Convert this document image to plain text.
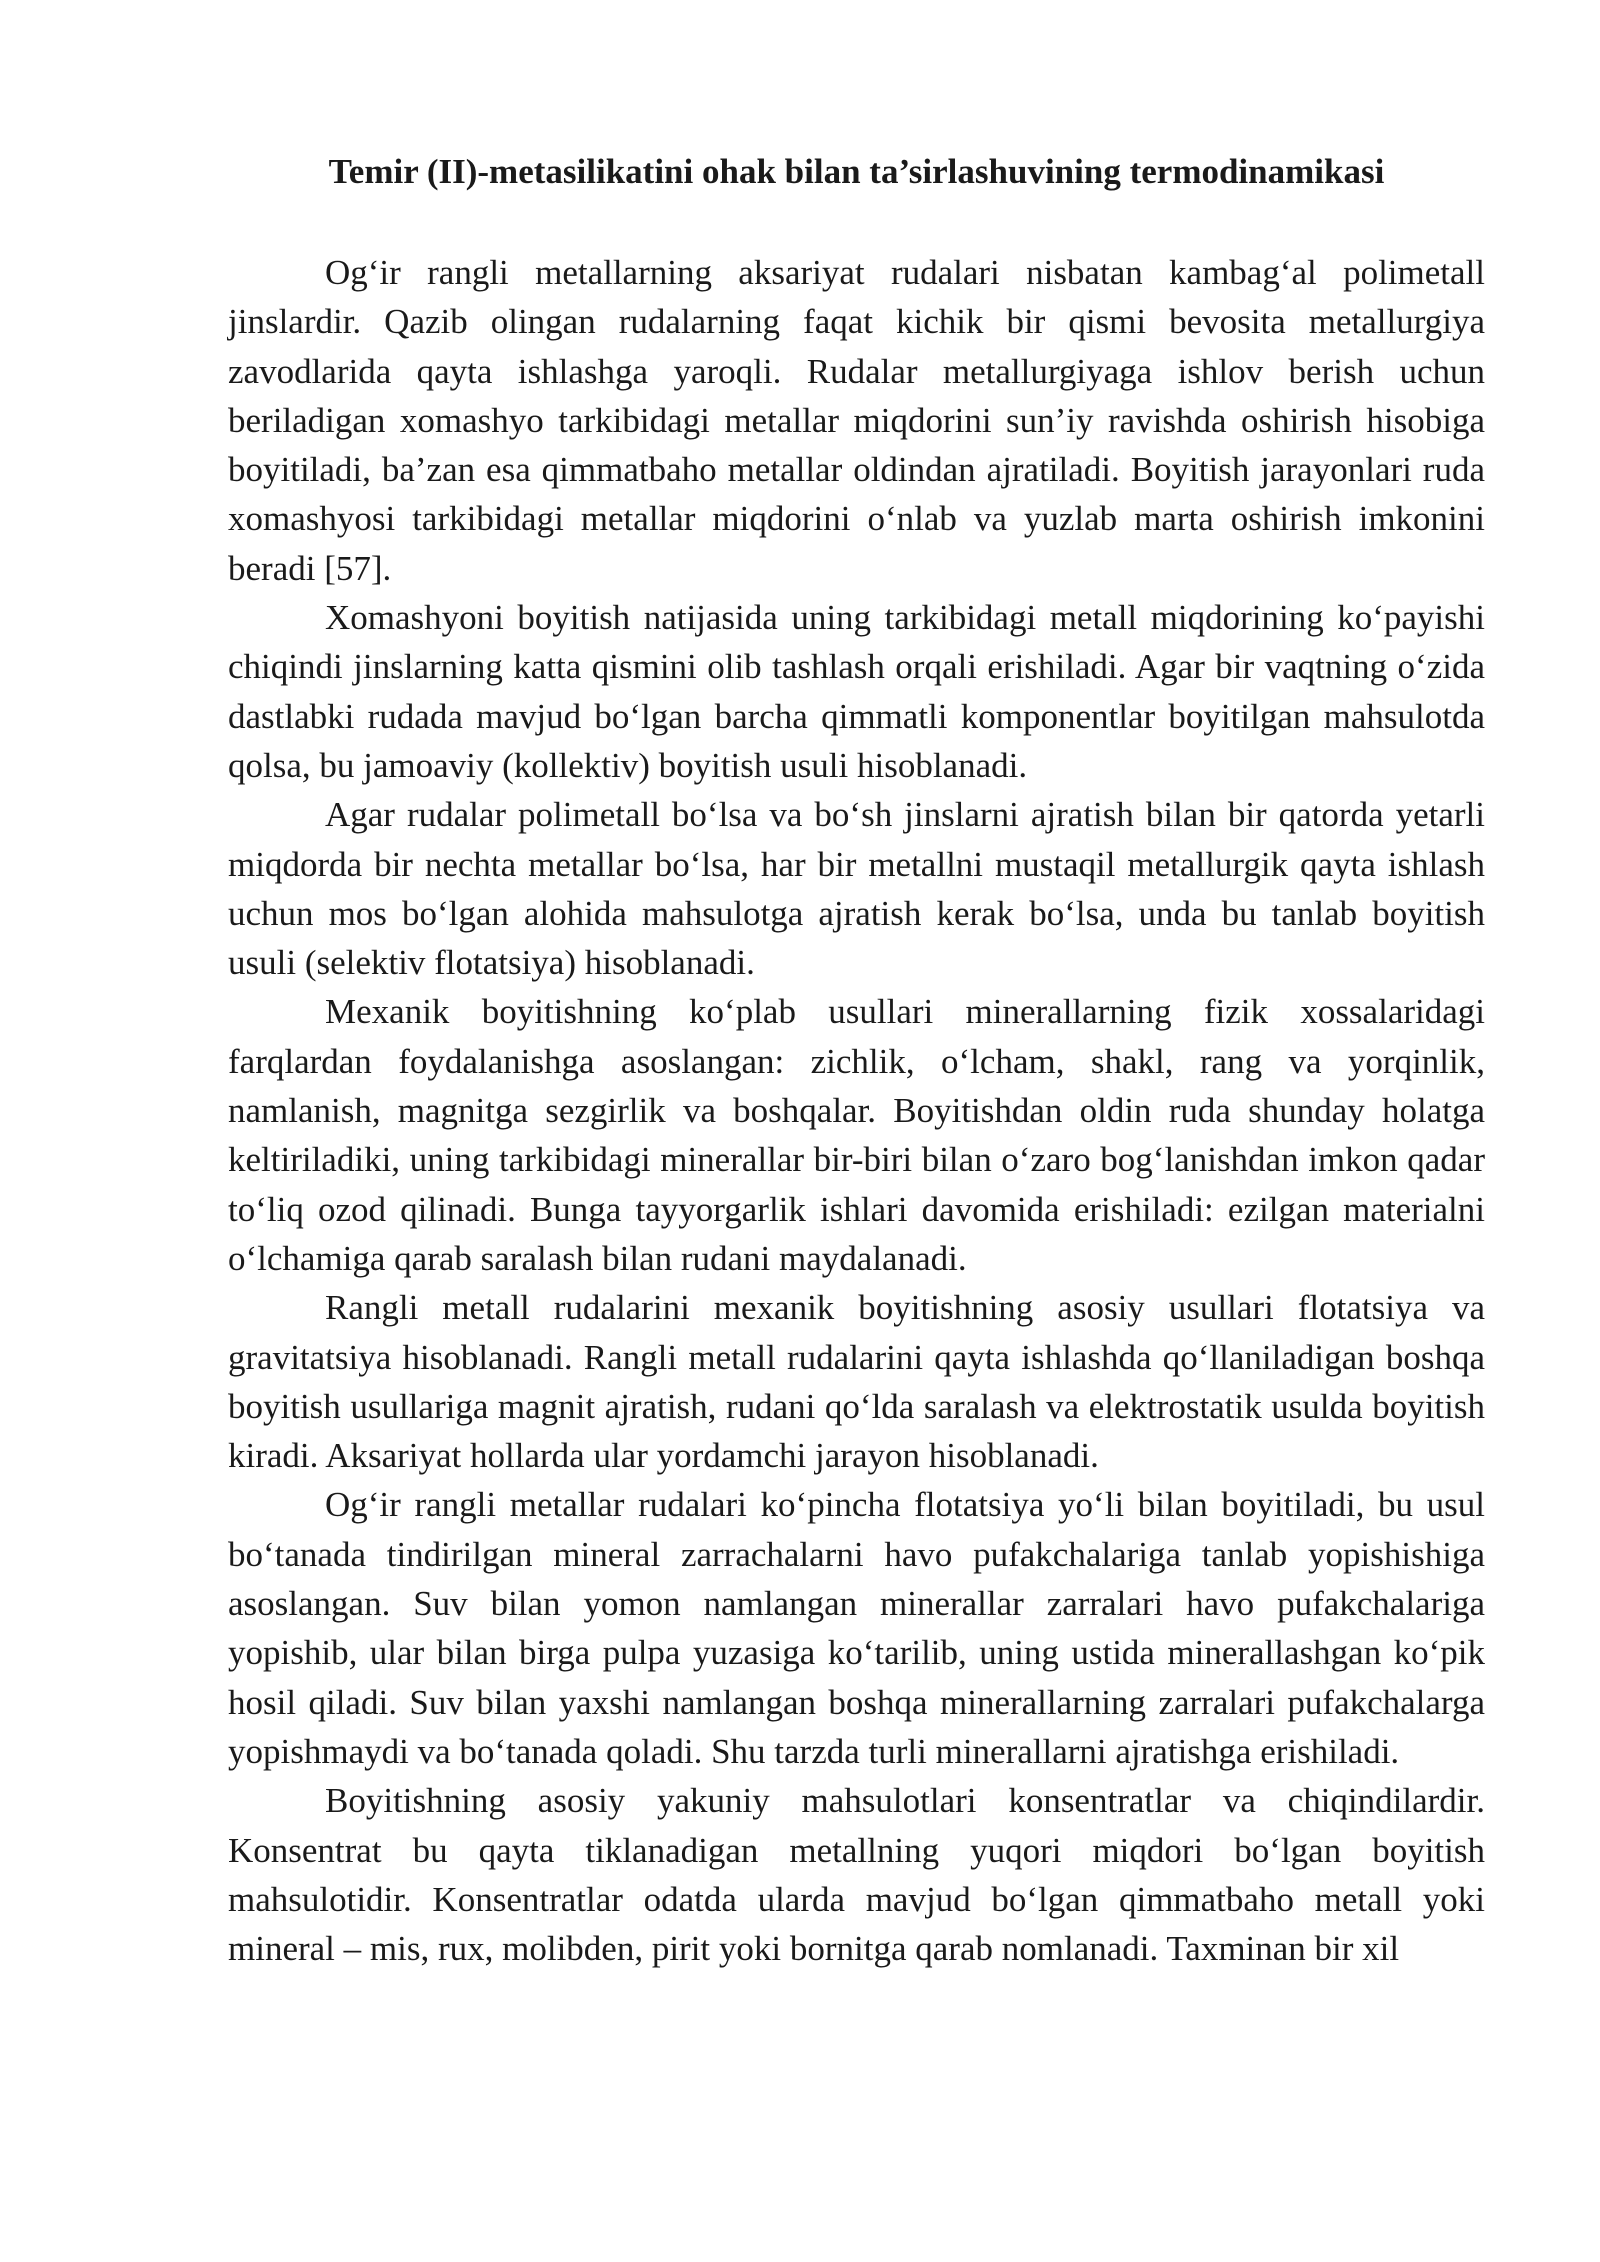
Temir (II)-metasilikatini ohak bilan ta’sirlashuvining termodinamikasi

Og‘ir rangli metallarning aksariyat rudalari nisbatan kambag‘al polimetall jinslardir. Qazib olingan rudalarning faqat kichik bir qismi bevosita metallurgiya zavodlarida qayta ishlashga yaroqli. Rudalar metallurgiyaga ishlov berish uchun beriladigan xomashyo tarkibidagi metallar miqdorini sun’iy ravishda oshirish hisobiga boyitiladi, ba’zan esa qimmatbaho metallar oldindan ajratiladi. Boyitish jarayonlari ruda xomashyosi tarkibidagi metallar miqdorini o‘nlab va yuzlab marta oshirish imkonini beradi [57].

Xomashyoni boyitish natijasida uning tarkibidagi metall miqdorining ko‘payishi chiqindi jinslarning katta qismini olib tashlash orqali erishiladi. Agar bir vaqtning o‘zida dastlabki rudada mavjud bo‘lgan barcha qimmatli komponentlar boyitilgan mahsulotda qolsa, bu jamoaviy (kollektiv) boyitish usuli hisoblanadi.

Agar rudalar polimetall bo‘lsa va bo‘sh jinslarni ajratish bilan bir qatorda yetarli miqdorda bir nechta metallar bo‘lsa, har bir metallni mustaqil metallurgik qayta ishlash uchun mos bo‘lgan alohida mahsulotga ajratish kerak bo‘lsa, unda bu tanlab boyitish usuli (selektiv flotatsiya) hisoblanadi.

Mexanik boyitishning ko‘plab usullari minerallarning fizik xossalaridagi farqlardan foydalanishga asoslangan: zichlik, o‘lcham, shakl, rang va yorqinlik, namlanish, magnitga sezgirlik va boshqalar. Boyitishdan oldin ruda shunday holatga keltiriladiki, uning tarkibidagi minerallar bir-biri bilan o‘zaro bog‘lanishdan imkon qadar to‘liq ozod qilinadi. Bunga tayyorgarlik ishlari davomida erishiladi: ezilgan materialni o‘lchamiga qarab saralash bilan rudani maydalanadi.

Rangli metall rudalarini mexanik boyitishning asosiy usullari flotatsiya va gravitatsiya hisoblanadi. Rangli metall rudalarini qayta ishlashda qo‘llaniladigan boshqa boyitish usullariga magnit ajratish, rudani qo‘lda saralash va elektrostatik usulda boyitish kiradi. Aksariyat hollarda ular yordamchi jarayon hisoblanadi.

Og‘ir rangli metallar rudalari ko‘pincha flotatsiya yo‘li bilan boyitiladi, bu usul bo‘tanada tindirilgan mineral zarrachalarni havo pufakchalariga tanlab yopishishiga asoslangan. Suv bilan yomon namlangan minerallar zarralari havo pufakchalariga yopishib, ular bilan birga pulpa yuzasiga ko‘tarilib, uning ustida minerallashgan ko‘pik hosil qiladi. Suv bilan yaxshi namlangan boshqa minerallarning zarralari pufakchalarga yopishmaydi va bo‘tanada qoladi. Shu tarzda turli minerallarni ajratishga erishiladi.

Boyitishning asosiy yakuniy mahsulotlari konsentratlar va chiqindilardir. Konsentrat bu qayta tiklanadigan metallning yuqori miqdori bo‘lgan boyitish mahsulotidir. Konsentratlar odatda ularda mavjud bo‘lgan qimmatbaho metall yoki mineral – mis, rux, molibden, pirit yoki bornitga qarab nomlanadi. Taxminan bir xil
